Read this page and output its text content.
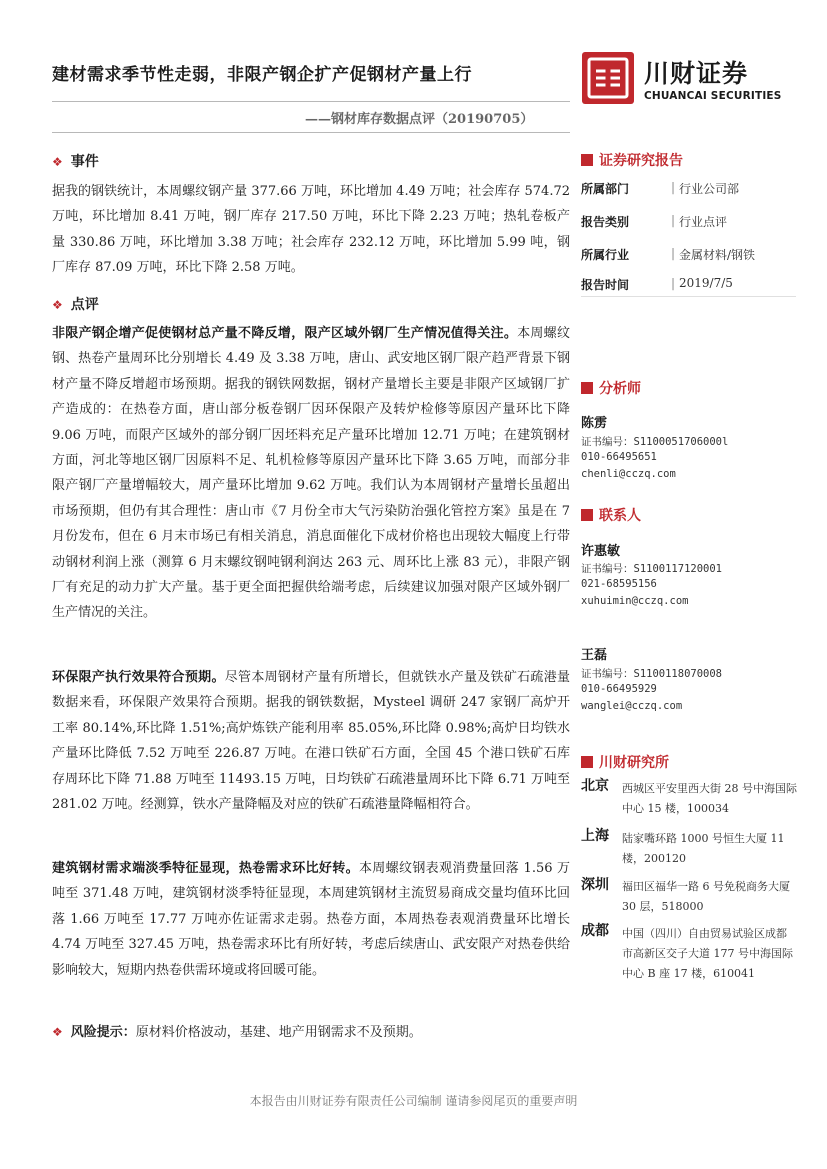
建材需求季节性走弱，非限产钢企扩产促钢材产量上行
——钢材库存数据点评（20190705）
川财证券
CHUANCAI SECURITIES
❖ 事件
据我的钢铁统计，本周螺纹钢产量 377.66 万吨，环比增加 4.49 万吨；社会库存 574.72 万吨，环比增加 8.41 万吨，钢厂库存 217.50 万吨，环比下降 2.23 万吨；热轧卷板产量 330.86 万吨，环比增加 3.38 万吨；社会库存 232.12 万吨，环比增加 5.99 吨，钢厂库存 87.09 万吨，环比下降 2.58 万吨。
❖ 点评
非限产钢企增产促使钢材总产量不降反增，限产区域外钢厂生产情况值得关注。本周螺纹钢、热卷产量周环比分别增长 4.49 及 3.38 万吨，唐山、武安地区钢厂限产趋严背景下钢材产量不降反增超市场预期。据我的钢铁网数据，钢材产量增长主要是非限产区域钢厂扩产造成的：在热卷方面，唐山部分板卷钢厂因环保限产及转炉检修等原因产量环比下降 9.06 万吨，而限产区域外的部分钢厂因坯料充足产量环比增加 12.71 万吨；在建筑钢材方面，河北等地区钢厂因原料不足、轧机检修等原因产量环比下降 3.65 万吨，而部分非限产钢厂产量增幅较大，周产量环比增加 9.62 万吨。我们认为本周钢材产量增长虽超出市场预期，但仍有其合理性：唐山市《7 月份全市大气污染防治强化管控方案》虽是在 7 月份发布，但在 6 月末市场已有相关消息，消息面催化下成材价格也出现较大幅度上行带动钢材利润上涨（测算 6 月末螺纹钢吨钢利润达 263 元、周环比上涨 83 元），非限产钢厂有充足的动力扩大产量。基于更全面把握供给端考虑，后续建议加强对限产区域外钢厂生产情况的关注。
环保限产执行效果符合预期。尽管本周钢材产量有所增长，但就铁水产量及铁矿石疏港量数据来看，环保限产效果符合预期。据我的钢铁数据，Mysteel 调研 247 家钢厂高炉开工率 80.14%,环比降 1.51%;高炉炼铁产能利用率 85.05%,环比降 0.98%;高炉日均铁水产量环比降低 7.52 万吨至 226.87 万吨。在港口铁矿石方面，全国 45 个港口铁矿石库存周环比下降 71.88 万吨至 11493.15 万吨，日均铁矿石疏港量周环比下降 6.71 万吨至 281.02 万吨。经测算，铁水产量降幅及对应的铁矿石疏港量降幅相符合。
建筑钢材需求端淡季特征显现，热卷需求环比好转。本周螺纹钢表观消费量回落 1.56 万吨至 371.48 万吨，建筑钢材淡季特征显现，本周建筑钢材主流贸易商成交量均值环比回落 1.66 万吨至 17.77 万吨亦佐证需求走弱。热卷方面，本周热卷表观消费量环比增长 4.74 万吨至 327.45 万吨，热卷需求环比有所好转，考虑后续唐山、武安限产对热卷供给影响较大，短期内热卷供需环境或将回暖可能。
❖ 风险提示：原材料价格波动，基建、地产用钢需求不及预期。
证券研究报告
所属部门	| 行业公司部
报告类别	| 行业点评
所属行业	| 金属材料/钢铁
报告时间	| 2019/7/5
分析师
陈雳
证书编号：S1100051706000l
010-66495651
chenli@cczq.com
联系人
许惠敏
证书编号：S1100117120001
021-68595156
xuhuimin@cczq.com
王磊
证书编号：S1100118070008
010-66495929
wanglei@cczq.com
川财研究所
北京 西城区平安里西大街 28 号中海国际中心 15 楼，100034
上海 陆家嘴环路 1000 号恒生大厦 11 楼，200120
深圳 福田区福华一路 6 号免税商务大厦 30 层，518000
成都 中国（四川）自由贸易试验区成都市高新区交子大道 177 号中海国际中心 B 座 17 楼，610041
本报告由川财证券有限责任公司编制 谨请参阅尾页的重要声明
